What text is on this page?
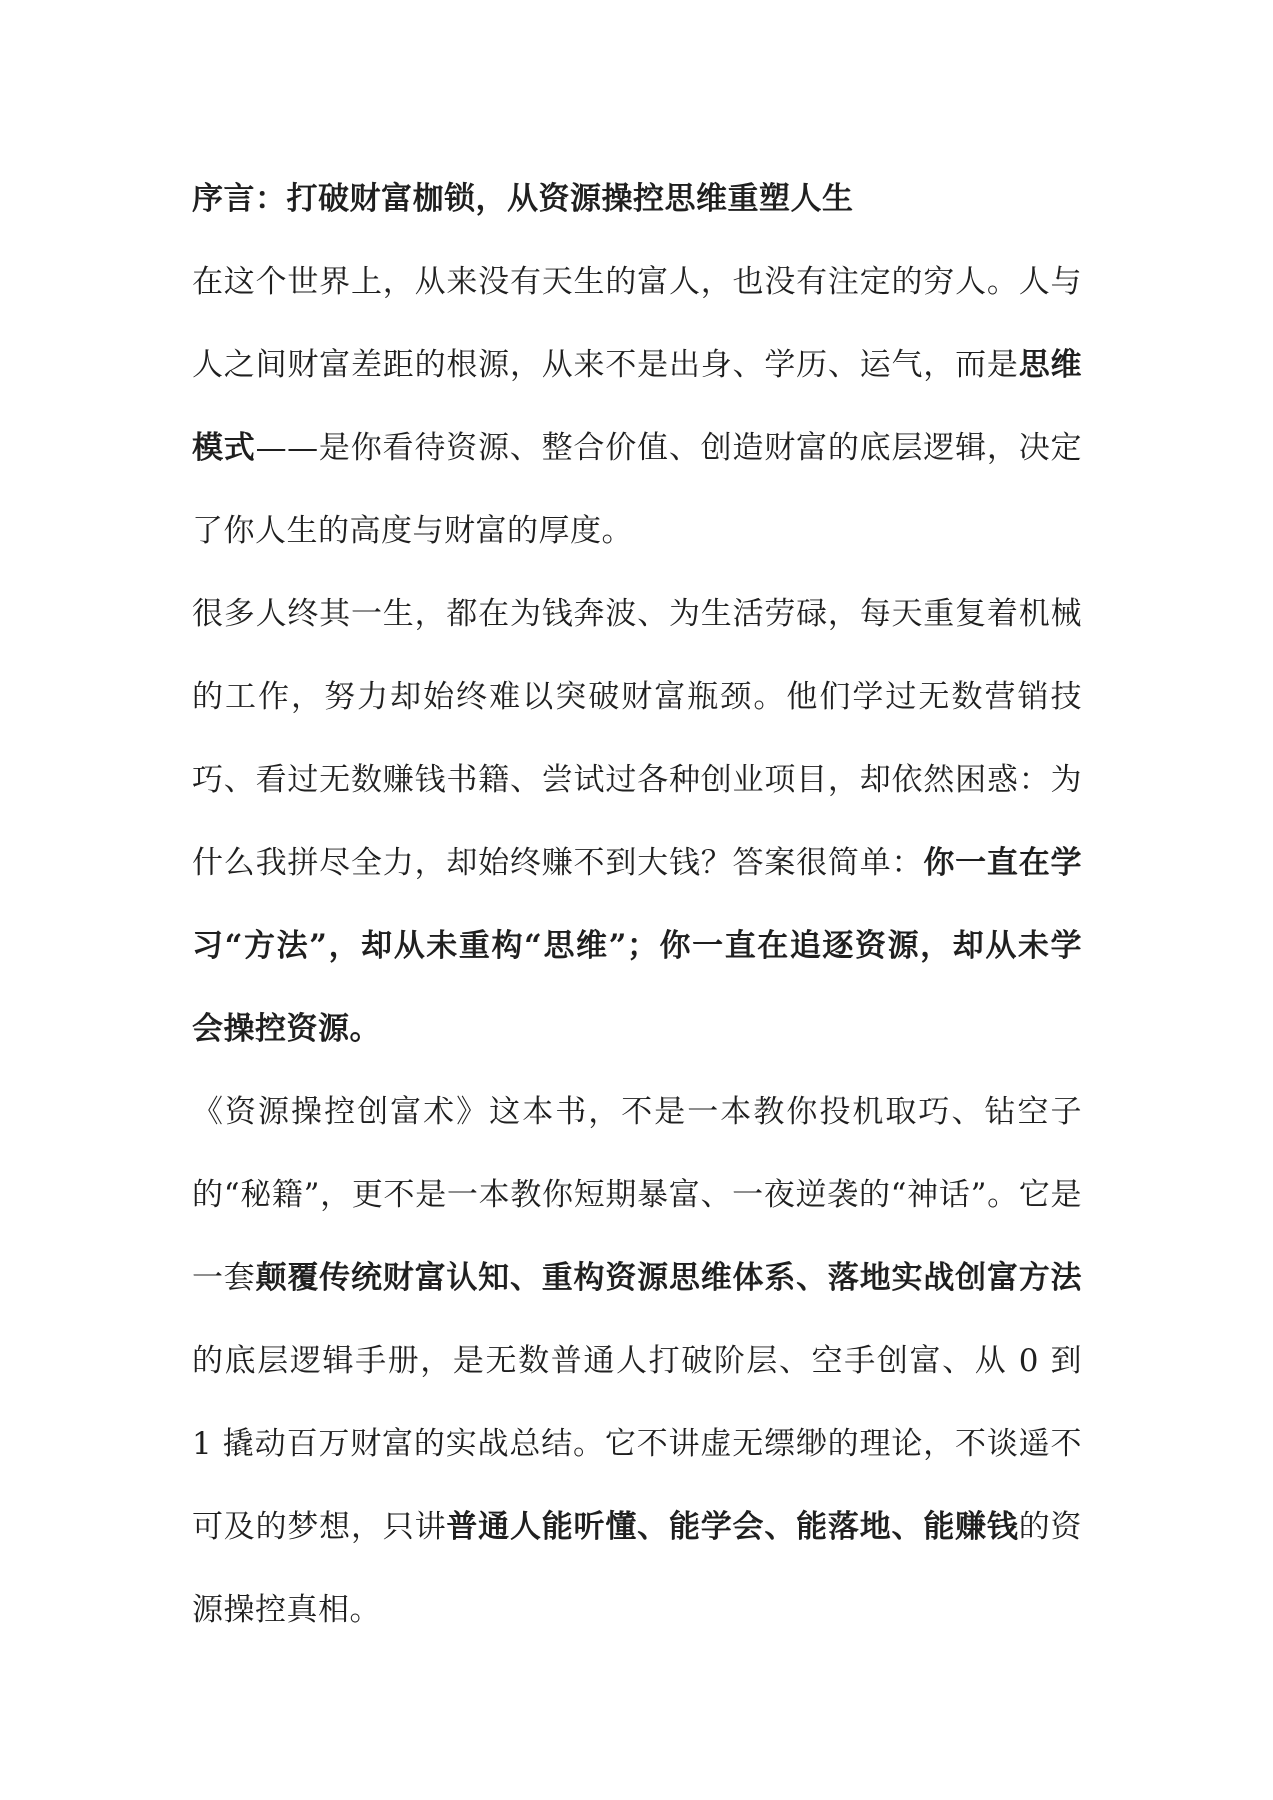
序言：打破财富枷锁，从资源操控思维重塑人生

在这个世界上，从来没有天生的富人，也没有注定的穷人。人与人之间财富差距的根源，从来不是出身、学历、运气，而是思维模式——是你看待资源、整合价值、创造财富的底层逻辑，决定了你人生的高度与财富的厚度。

很多人终其一生，都在为钱奔波、为生活劳碌，每天重复着机械的工作，努力却始终难以突破财富瓶颈。他们学过无数营销技巧、看过无数赚钱书籍、尝试过各种创业项目，却依然困惑：为什么我拼尽全力，却始终赚不到大钱？答案很简单：你一直在学习“方法”，却从未重构“思维”；你一直在追逐资源，却从未学会操控资源。

《资源操控创富术》这本书，不是一本教你投机取巧、钻空子的“秘籍”，更不是一本教你短期暴富、一夜逆袭的“神话”。它是一套颠覆传统财富认知、重构资源思维体系、落地实战创富方法的底层逻辑手册，是无数普通人打破阶层、空手创富、从 0 到 1 撬动百万财富的实战总结。它不讲虚无缥缈的理论，不谈遥不可及的梦想，只讲普通人能听懂、能学会、能落地、能赚钱的资源操控真相。
